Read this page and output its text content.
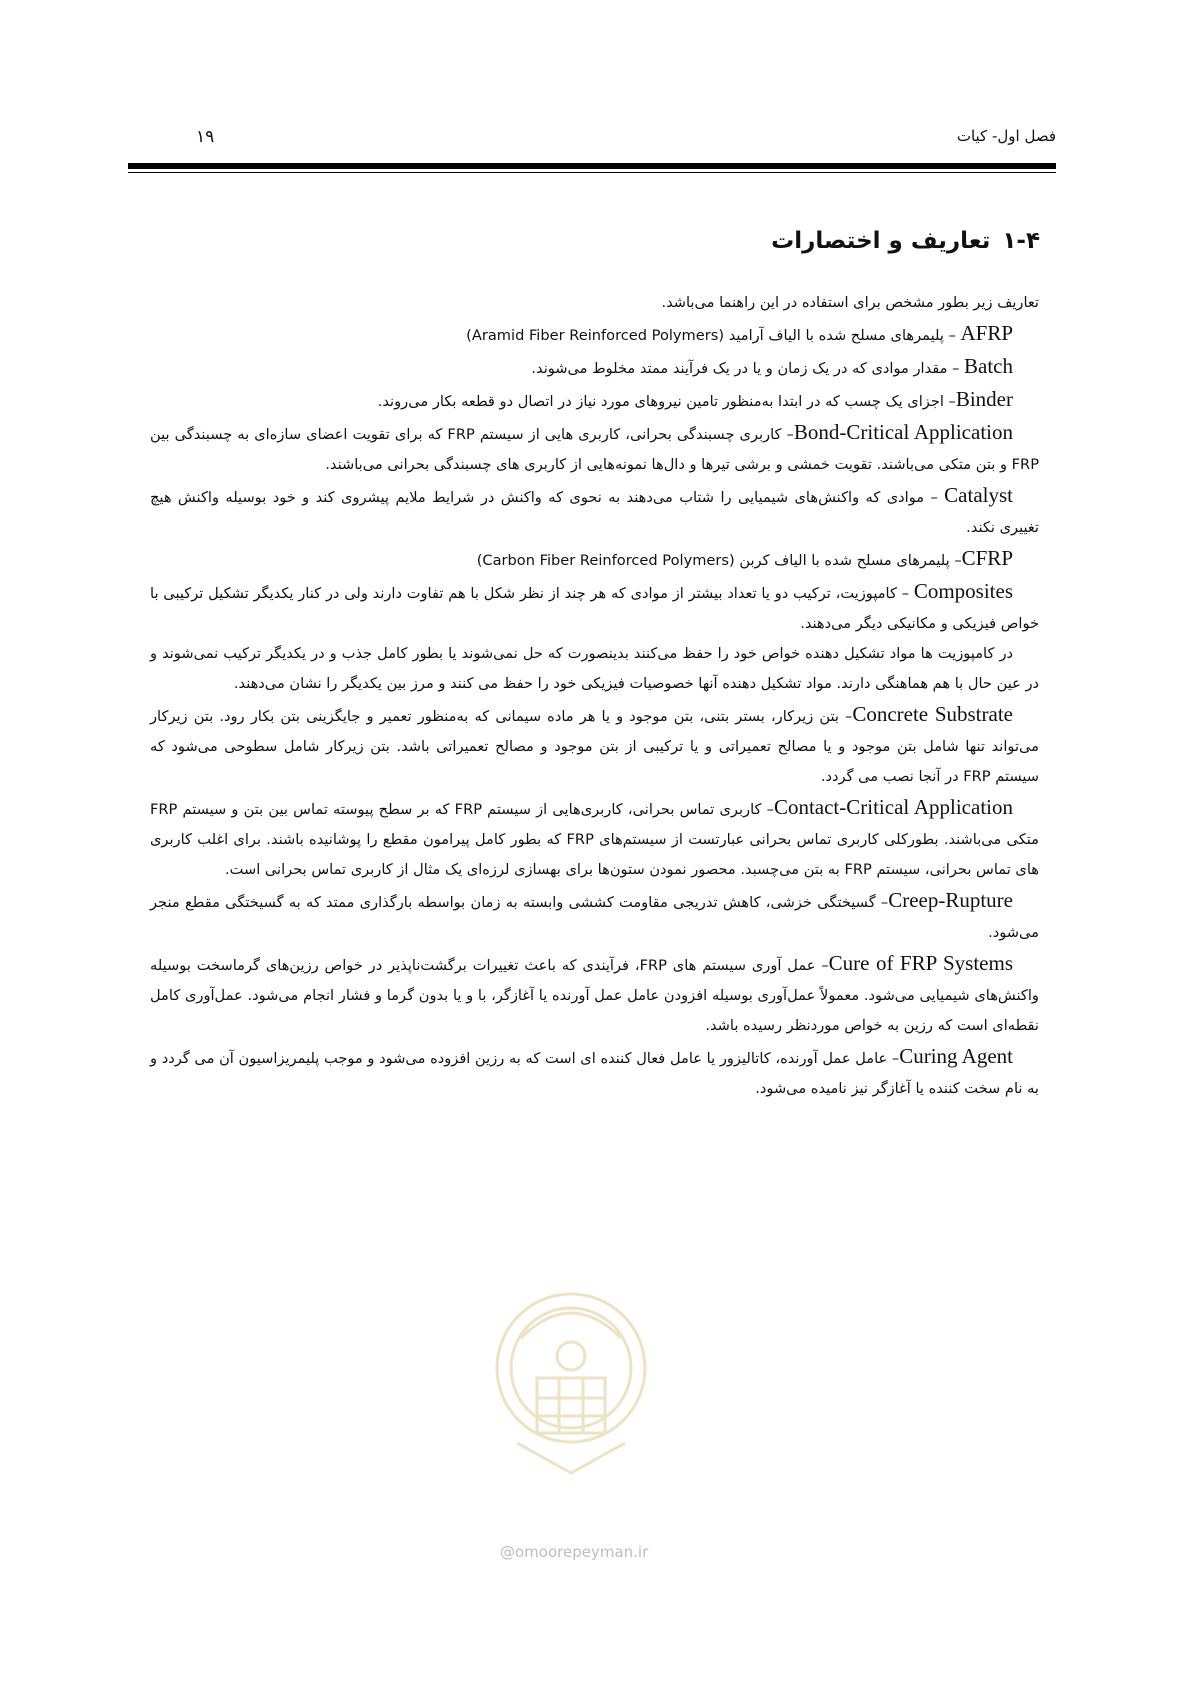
۱۹	فصل اول- کیات
۱-۴تعاریف و اختصارات

تعاریف زیر بطور مشخص برای استفاده در این راهنما می‌باشد.

AFRP – پلیمرهای مسلح شده با الیاف آرامید (Aramid Fiber Reinforced Polymers)

Batch – مقدار موادی که در یک زمان و یا در یک فرآیند ممتد مخلوط می‌شوند.

Binder– اجزای یک چسب که در ابتدا به‌منظور تامین نیروهای مورد نیاز در اتصال دو قطعه بکار می‌روند.

Bond-Critical Application– کاربری چسبندگی بحرانی، کاربری هایی از سیستم FRP که برای تقویت اعضای سازه‌ای به چسبندگی بین FRP و بتن متکی می‌باشند. تقویت خمشی و برشی تیرها و دال‌ها نمونه‌هایی از کاربری های چسبندگی بحرانی می‌باشند.

Catalyst – موادی که واکنش‌های شیمیایی را شتاب می‌دهند به نحوی که واکنش در شرایط ملایم پیشروی کند و خود بوسیله واکنش هیچ تغییری نکند.

CFRP– پلیمرهای مسلح شده با الیاف کربن (Carbon Fiber Reinforced Polymers)

Composites – کامپوزیت، ترکیب دو یا تعداد بیشتر از موادی که هر چند از نظر شکل با هم تفاوت دارند ولی در کنار یکدیگر تشکیل ترکیبی با خواص فیزیکی و مکانیکی دیگر می‌دهند.

در کامپوزیت ها مواد تشکیل دهنده خواص خود را حفظ می‌کنند بدینصورت که حل نمی‌شوند یا بطور کامل جذب و در یکدیگر ترکیب نمی‌شوند و در عین حال با هم هماهنگی دارند. مواد تشکیل دهنده آنها خصوصیات فیزیکی خود را حفظ می کنند و مرز بین یکدیگر را نشان می‌دهند.

Concrete Substrate– بتن زیرکار، بستر بتنی، بتن موجود و یا هر ماده سیمانی که به‌منظور تعمیر و جایگزینی بتن بکار رود. بتن زیرکار می‌تواند تنها شامل بتن موجود و یا مصالح تعمیراتی و یا ترکیبی از بتن موجود و مصالح تعمیراتی باشد. بتن زیرکار شامل سطوحی می‌شود که سیستم FRP در آنجا نصب می گردد.

Contact-Critical Application– کاربری تماس بحرانی، کاربری‌هایی از سیستم FRP که بر سطح پیوسته تماس بین بتن و سیستم FRP متکی می‌باشند. بطورکلی کاربری تماس بحرانی عبارتست از سیستم‌های FRP که بطور کامل پیرامون مقطع را پوشانیده باشند. برای اغلب کاربری های تماس بحرانی، سیستم FRP به بتن می‌چسبد. محصور نمودن ستون‌ها برای بهسازی لرزه‌ای یک مثال از کاربری تماس بحرانی است.

Creep-Rupture– گسیختگی خزشی، کاهش تدریجی مقاومت کششی وابسته به زمان بواسطه بارگذاری ممتد که به گسیختگی مقطع منجر می‌شود.

Cure of FRP Systems– عمل آوری سیستم های FRP، فرآیندی که باعث تغییرات برگشت‌ناپذیر در خواص رزین‌های گرماسخت بوسیله واکنش‌های شیمیایی می‌شود. معمولاً عمل‌آوری بوسیله افزودن عامل عمل آورنده یا آغازگر، با و یا بدون گرما و فشار انجام می‌شود. عمل‌آوری کامل نقطه‌ای است که رزین به خواص موردنظر رسیده باشد.

Curing Agent– عامل عمل آورنده، کاتالیزور یا عامل فعال کننده ای است که به رزین افزوده می‌شود و موجب پلیمریزاسیون آن می گردد و به نام سخت کننده یا آغازگر نیز نامیده می‌شود.

@omoorepeyman.ir
